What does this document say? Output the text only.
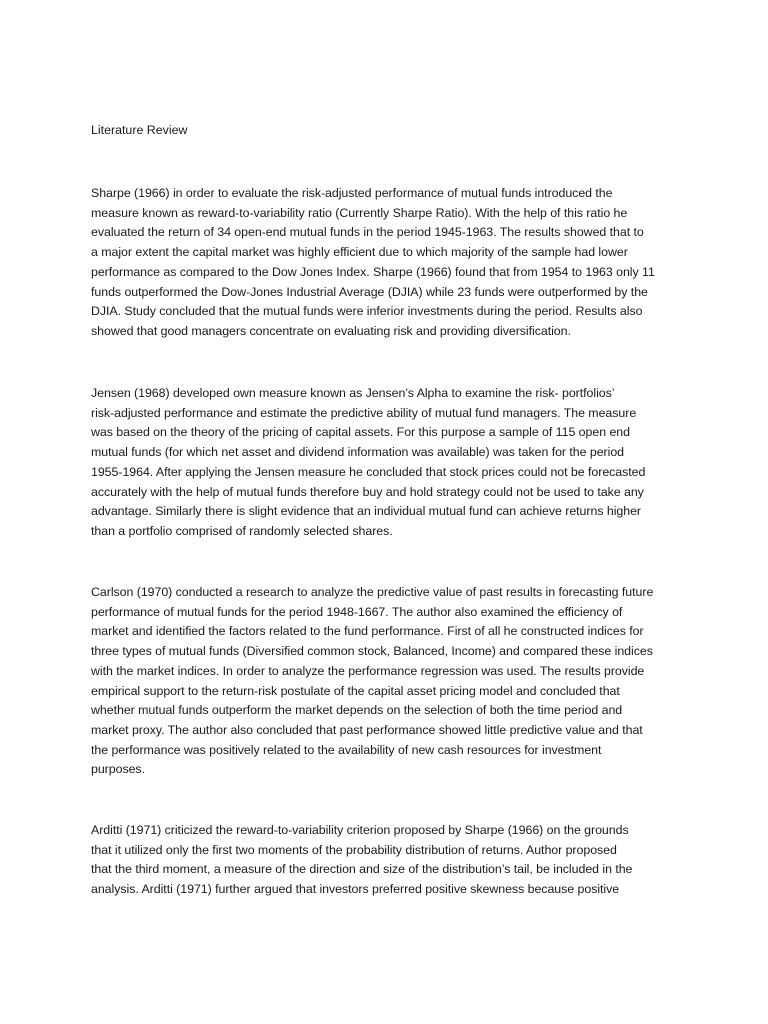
Literature Review
Sharpe (1966) in order to evaluate the risk-adjusted performance of mutual funds introduced the
measure known as reward-to-variability ratio (Currently Sharpe Ratio). With the help of this ratio he
evaluated the return of 34 open-end mutual funds in the period 1945-1963. The results showed that to
a major extent the capital market was highly efficient due to which majority of the sample had lower
performance as compared to the Dow Jones Index. Sharpe (1966) found that from 1954 to 1963 only 11
funds outperformed the Dow-Jones Industrial Average (DJIA) while 23 funds were outperformed by the
DJIA. Study concluded that the mutual funds were inferior investments during the period. Results also
showed that good managers concentrate on evaluating risk and providing diversification.
Jensen (1968) developed own measure known as Jensen’s Alpha to examine the risk- portfolios’
risk-adjusted performance and estimate the predictive ability of mutual fund managers. The measure
was based on the theory of the pricing of capital assets. For this purpose a sample of 115 open end
mutual funds (for which net asset and dividend information was available) was taken for the period
1955-1964. After applying the Jensen measure he concluded that stock prices could not be forecasted
accurately with the help of mutual funds therefore buy and hold strategy could not be used to take any
advantage. Similarly there is slight evidence that an individual mutual fund can achieve returns higher
than a portfolio comprised of randomly selected shares.
Carlson (1970) conducted a research to analyze the predictive value of past results in forecasting future
performance of mutual funds for the period 1948-1667. The author also examined the efficiency of
market and identified the factors related to the fund performance. First of all he constructed indices for
three types of mutual funds (Diversified common stock, Balanced, Income) and compared these indices
with the market indices. In order to analyze the performance regression was used. The results provide
empirical support to the return-risk postulate of the capital asset pricing model and concluded that
whether mutual funds outperform the market depends on the selection of both the time period and
market proxy. The author also concluded that past performance showed little predictive value and that
the performance was positively related to the availability of new cash resources for investment
purposes.
Arditti (1971) criticized the reward-to-variability criterion proposed by Sharpe (1966) on the grounds
that it utilized only the first two moments of the probability distribution of returns. Author proposed
that the third moment, a measure of the direction and size of the distribution’s tail, be included in the
analysis. Arditti (1971) further argued that investors preferred positive skewness because positive
